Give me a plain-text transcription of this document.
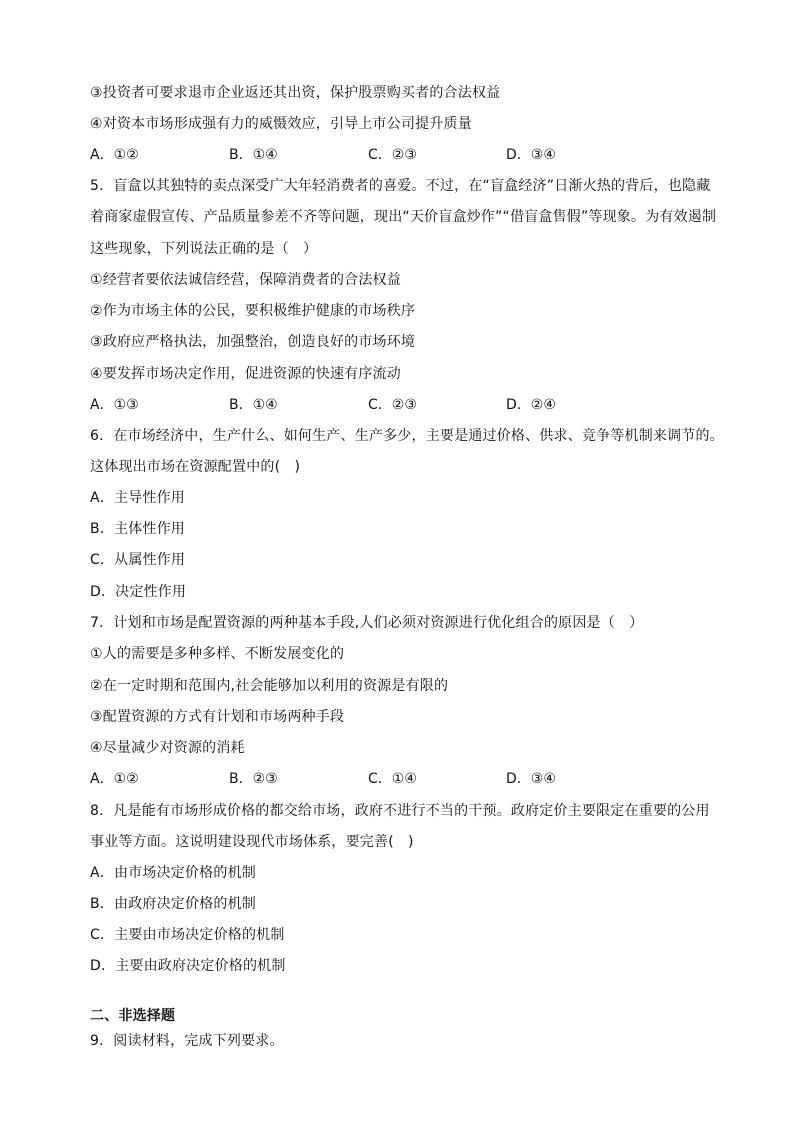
③投资者可要求退市企业返还其出资，保护股票购买者的合法权益
④对资本市场形成强有力的威慑效应，引导上市公司提升质量
A．①②	B．①④	C．②③	D．③④
5．盲盒以其独特的卖点深受广大年轻消费者的喜爱。不过，在“盲盒经济”日渐火热的背后，也隐藏
着商家虚假宣传、产品质量参差不齐等问题，现出“天价盲盒炒作”“借盲盒售假”等现象。为有效遏制
这些现象，下列说法正确的是（　）
①经营者要依法诚信经营，保障消费者的合法权益
②作为市场主体的公民，要积极维护健康的市场秩序
③政府应严格执法，加强整治，创造良好的市场环境
④要发挥市场决定作用，促进资源的快速有序流动
A．①③	B．①④	C．②③	D．②④
6．在市场经济中，生产什么、如何生产、生产多少，主要是通过价格、供求、竞争等机制来调节的。
这体现出市场在资源配置中的(　)
A．主导性作用
B．主体性作用
C．从属性作用
D．决定性作用
7．计划和市场是配置资源的两种基本手段,人们必须对资源进行优化组合的原因是（　）
①人的需要是多种多样、不断发展变化的
②在一定时期和范围内,社会能够加以利用的资源是有限的
③配置资源的方式有计划和市场两种手段
④尽量减少对资源的消耗
A．①②	B．②③	C．①④	D．③④
8．凡是能有市场形成价格的都交给市场，政府不进行不当的干预。政府定价主要限定在重要的公用
事业等方面。这说明建设现代市场体系，要完善(　)
A．由市场决定价格的机制
B．由政府决定价格的机制
C．主要由市场决定价格的机制
D．主要由政府决定价格的机制
二、非选择题
9．阅读材料，完成下列要求。
